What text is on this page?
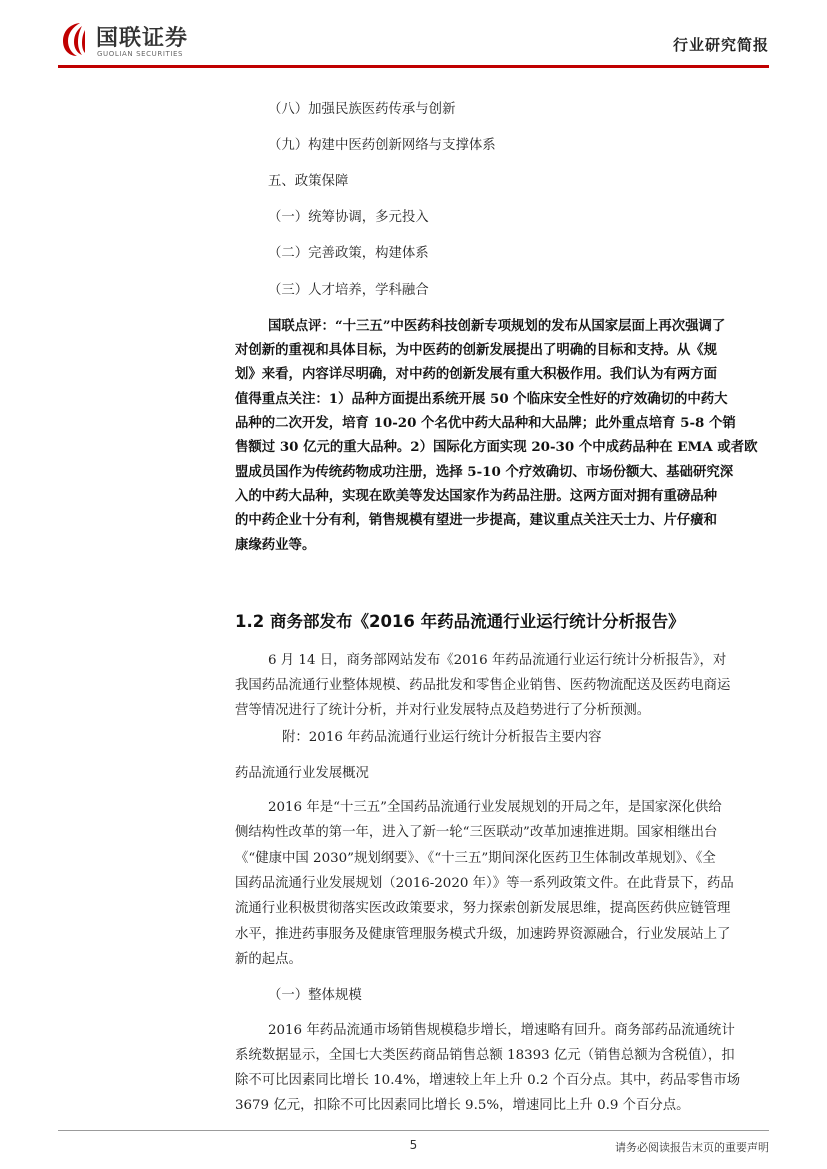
国联证券
GUOLIAN SECURITIES	行业研究简报
（八）加强民族医药传承与创新
（九）构建中医药创新网络与支撑体系
五、政策保障
（一）统筹协调，多元投入
（二）完善政策，构建体系
（三）人才培养，学科融合
国联点评：“十三五”中医药科技创新专项规划的发布从国家层面上再次强调了
对创新的重视和具体目标，为中医药的创新发展提出了明确的目标和支持。从《规
划》来看，内容详尽明确，对中药的创新发展有重大积极作用。我们认为有两方面
值得重点关注：1）品种方面提出系统开展 50 个临床安全性好的疗效确切的中药大
品种的二次开发，培育 10-20 个名优中药大品种和大品牌；此外重点培育 5-8 个销
售额过 30 亿元的重大品种。2）国际化方面实现 20-30 个中成药品种在 EMA 或者欧
盟成员国作为传统药物成功注册，选择 5-10 个疗效确切、市场份额大、基础研究深
入的中药大品种，实现在欧美等发达国家作为药品注册。这两方面对拥有重磅品种
的中药企业十分有利，销售规模有望进一步提高，建议重点关注天士力、片仔癀和
康缘药业等。
1.2 商务部发布《2016 年药品流通行业运行统计分析报告》
6 月 14 日，商务部网站发布《2016 年药品流通行业运行统计分析报告》，对
我国药品流通行业整体规模、药品批发和零售企业销售、医药物流配送及医药电商运
营等情况进行了统计分析，并对行业发展特点及趋势进行了分析预测。
附：2016 年药品流通行业运行统计分析报告主要内容
药品流通行业发展概况
2016 年是“十三五”全国药品流通行业发展规划的开局之年，是国家深化供给
侧结构性改革的第一年，进入了新一轮“三医联动”改革加速推进期。国家相继出台
《“健康中国 2030”规划纲要》、《“十三五”期间深化医药卫生体制改革规划》、《全
国药品流通行业发展规划（2016-2020 年）》等一系列政策文件。在此背景下，药品
流通行业积极贯彻落实医改政策要求，努力探索创新发展思维，提高医药供应链管理
水平，推进药事服务及健康管理服务模式升级，加速跨界资源融合，行业发展站上了
新的起点。
（一）整体规模
2016 年药品流通市场销售规模稳步增长，增速略有回升。商务部药品流通统计
系统数据显示，全国七大类医药商品销售总额 18393 亿元（销售总额为含税值），扣
除不可比因素同比增长 10.4%，增速较上年上升 0.2 个百分点。其中，药品零售市场
3679 亿元，扣除不可比因素同比增长 9.5%，增速同比上升 0.9 个百分点。
5	请务必阅读报告末页的重要声明
